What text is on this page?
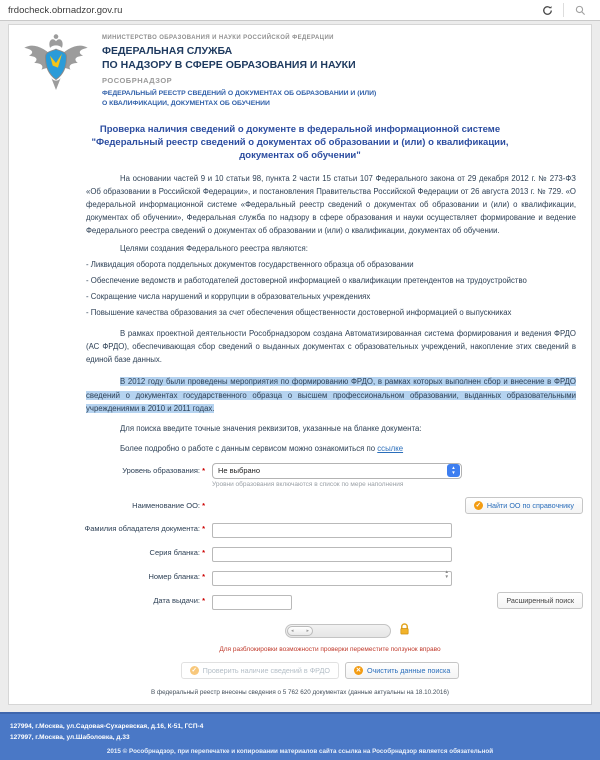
frdocheck.obrnadzor.gov.ru
МИНИСТЕРСТВО ОБРАЗОВАНИЯ И НАУКИ РОССИЙСКОЙ ФЕДЕРАЦИИ
ФЕДЕРАЛЬНАЯ СЛУЖБА
ПО НАДЗОРУ В СФЕРЕ ОБРАЗОВАНИЯ И НАУКИ
РОСОБРНАДЗОР
ФЕДЕРАЛЬНЫЙ РЕЕСТР СВЕДЕНИЙ О ДОКУМЕНТАХ ОБ ОБРАЗОВАНИИ И (ИЛИ)
О КВАЛИФИКАЦИИ, ДОКУМЕНТАХ ОБ ОБУЧЕНИИ
Проверка наличия сведений о документе в федеральной информационной системе "Федеральный реестр сведений о документах об образовании и (или) о квалификации, документах об обучении"
На основании частей 9 и 10 статьи 98, пункта 2 части 15 статьи 107 Федерального закона от 29 декабря 2012 г. № 273-ФЗ «Об образовании в Российской Федерации», и постановления Правительства Российской Федерации от 26 августа 2013 г. № 729. «О федеральной информационной системе «Федеральный реестр сведений о документах об образовании и (или) о квалификации, документах об обучении», Федеральная служба по надзору в сфере образования и науки осуществляет формирование и ведение Федерального реестра сведений о документах об образовании и (или) о квалификации, документах об обучении.
Целями создания Федерального реестра являются:
- Ликвидация оборота поддельных документов государственного образца об образовании
- Обеспечение ведомств и работодателей достоверной информацией о квалификации претендентов на трудоустройство
- Сокращение числа нарушений и коррупции в образовательных учреждениях
- Повышение качества образования за счет обеспечения общественности достоверной информацией о выпускниках
В рамках проектной деятельности Рособрнадзором создана Автоматизированная система формирования и ведения ФРДО (АС ФРДО), обеспечивающая сбор сведений о выданных документах с образовательных учреждений, накопление этих сведений в единой базе данных.
В 2012 году были проведены мероприятия по формированию ФРДО, в рамках которых выполнен сбор и внесение в ФРДО сведений о документах государственного образца о высшем профессиональном образовании, выданных образовательными учреждениями в 2010 и 2011 годах.
Для поиска введите точные значения реквизитов, указанные на бланке документа:
Более подробно о работе с данным сервисом можно ознакомиться по ссылке
Уровень образования: * Не выбрано	▲
▼
Уровни образования включаются в список по мере наполнения
Наименование ОО: *	✓ Найти ОО по справочнику
Фамилия обладателя документа: *
Серия бланка: *
Номер бланка: *
▲
▼
Дата выдачи: *	Расширенный поиск
◂	▸
Для разблокировки возможности проверки переместите ползунок вправо
✓ Проверить наличие сведений в ФРДО	✕ Очистить данные поиска
В федеральный реестр внесены сведения о 5 762 620 документах (данные актуальны на 18.10.2016)
127994, г.Москва, ул.Садовая-Сухаревская, д.16, К-51, ГСП-4
127997, г.Москва, ул.Шаболовка, д.33
2015 © Рособрнадзор, при перепечатке и копировании материалов сайта ссылка на Рособрнадзор является обязательной
